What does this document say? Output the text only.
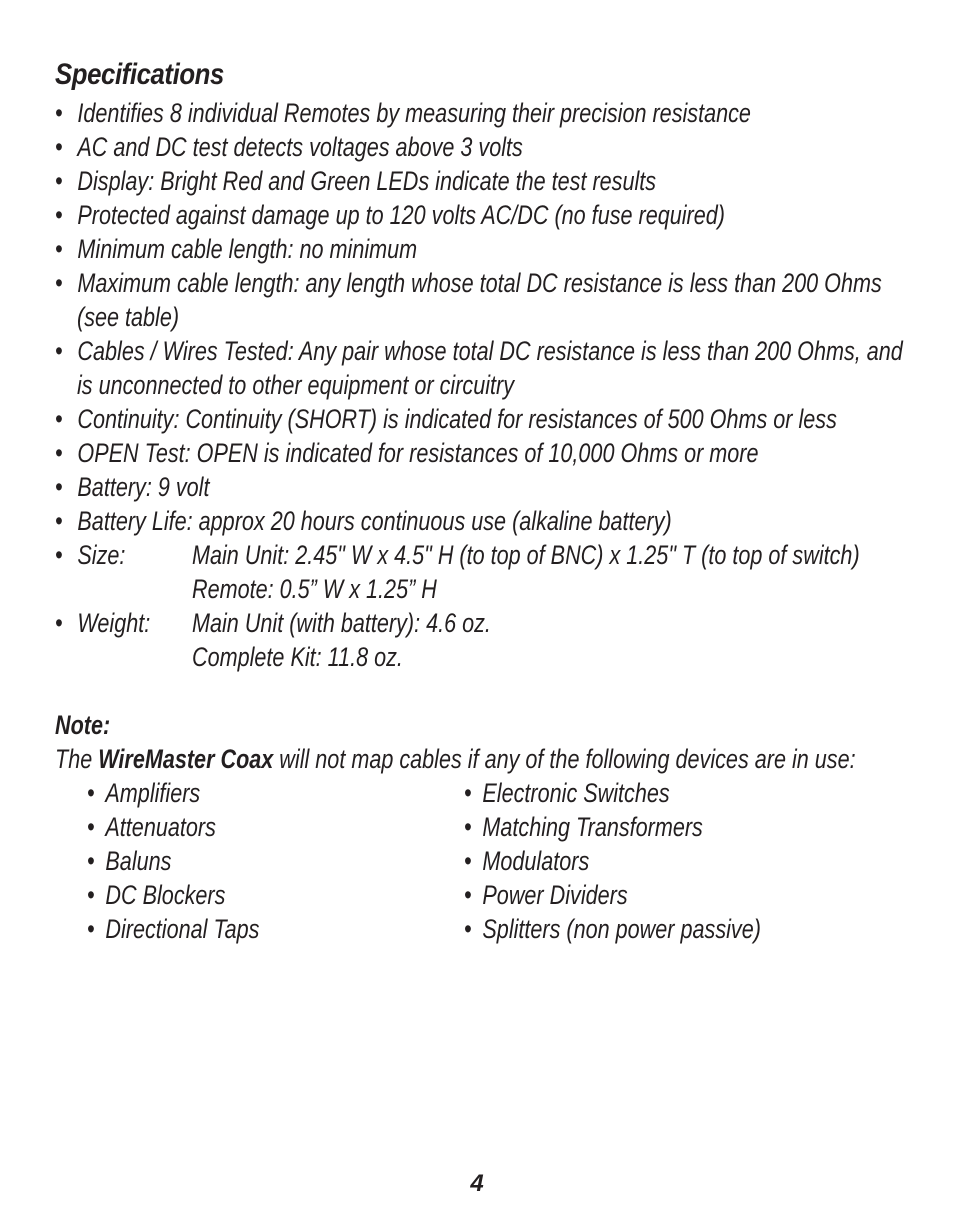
Specifications
• Identifies 8 individual Remotes by measuring their precision resistance
• AC and DC test detects voltages above 3 volts
• Display: Bright Red and Green LEDs indicate the test results
• Protected against damage up to 120 volts AC/DC (no fuse required)
• Minimum cable length: no minimum
• Maximum cable length: any length whose total DC resistance is less than 200 Ohms
(see table)
• Cables / Wires Tested: Any pair whose total DC resistance is less than 200 Ohms, and
is unconnected to other equipment or circuitry
• Continuity: Continuity (SHORT) is indicated for resistances of 500 Ohms or less
• OPEN Test: OPEN is indicated for resistances of 10,000 Ohms or more
• Battery: 9 volt
• Battery Life: approx 20 hours continuous use (alkaline battery)
• Size: Main Unit: 2.45" W x 4.5" H (to top of BNC) x 1.25" T (to top of switch)
Remote: 0.5” W x 1.25” H
• Weight: Main Unit (with battery): 4.6 oz.
Complete Kit: 11.8 oz.
Note:
The WireMaster Coax will not map cables if any of the following devices are in use:
• Amplifiers
• Attenuators
• Baluns
• DC Blockers
• Directional Taps
• Electronic Switches
• Matching Transformers
• Modulators
• Power Dividers
• Splitters (non power passive)
4
